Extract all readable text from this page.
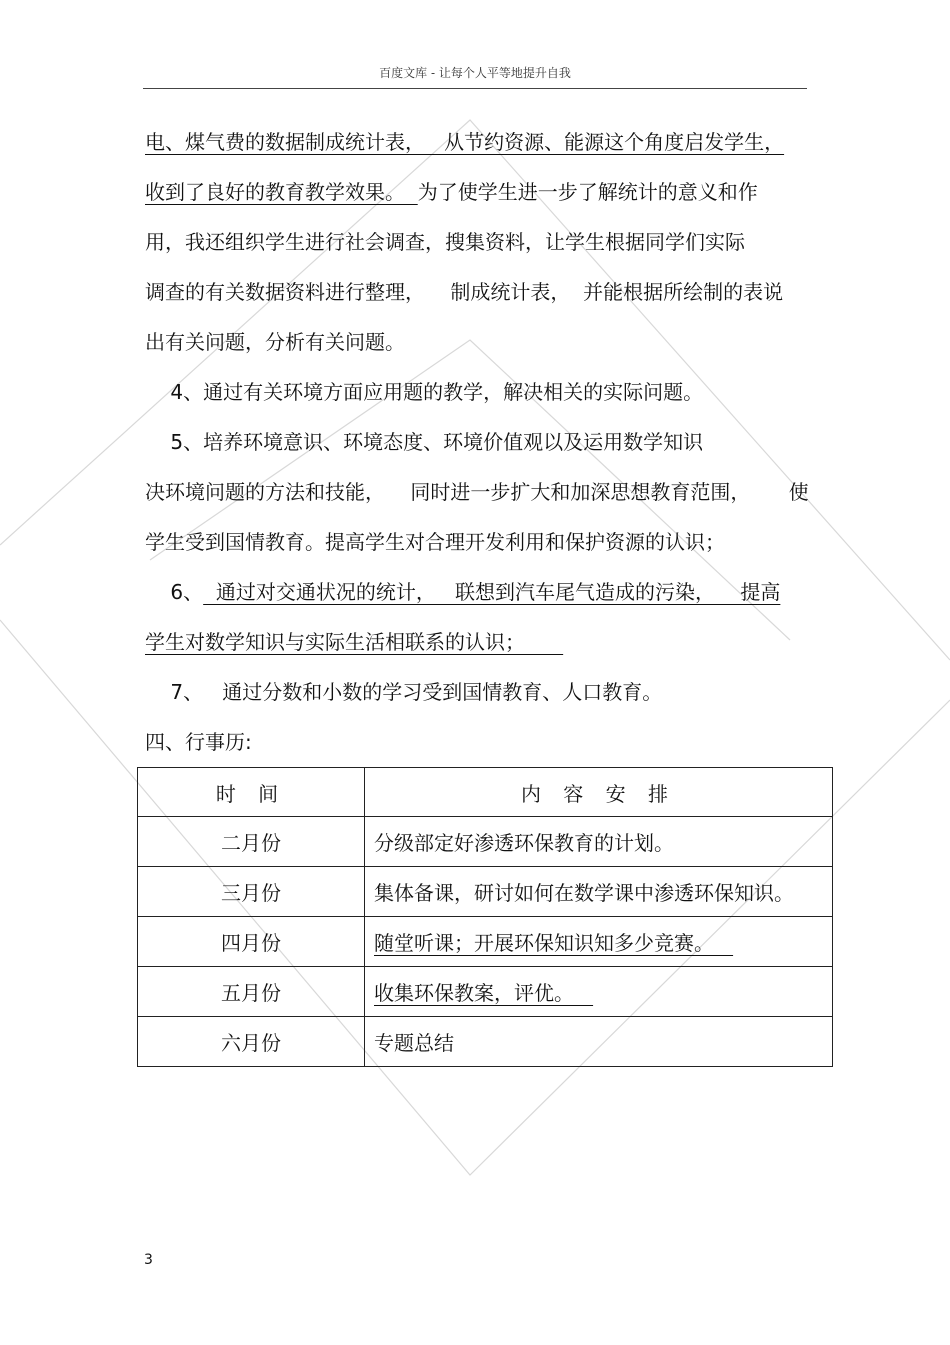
百度文库 - 让每个人平等地提升自我
电、煤气费的数据制成统计表，   从节约资源、能源这个角度启发学生，
收到了良好的教育教学效果。  为了使学生进一步了解统计的意义和作
用，我还组织学生进行社会调查，搜集资料，让学生根据同学们实际
调查的有关数据资料进行整理，    制成统计表，  并能根据所绘制的表说
出有关问题，分析有关问题。
4、通过有关环境方面应用题的教学，解决相关的实际问题。
5、培养环境意识、环境态度、环境价值观以及运用数学知识
决环境问题的方法和技能，    同时进一步扩大和加深思想教育范围，      使
学生受到国情教育。提高学生对合理开发利用和保护资源的认识；
6、  通过对交通状况的统计，   联想到汽车尾气造成的污染，    提高
学生对数学知识与实际生活相联系的认识；
7、   通过分数和小数的学习受到国情教育、人口教育。
四、行事历:
时 间	内 容 安 排
二月份	分级部定好渗透环保教育的计划。
三月份	集体备课，研讨如何在数学课中渗透环保知识。
四月份	随堂听课；开展环保知识知多少竞赛。
五月份	收集环保教案，评优。
六月份	专题总结
3
